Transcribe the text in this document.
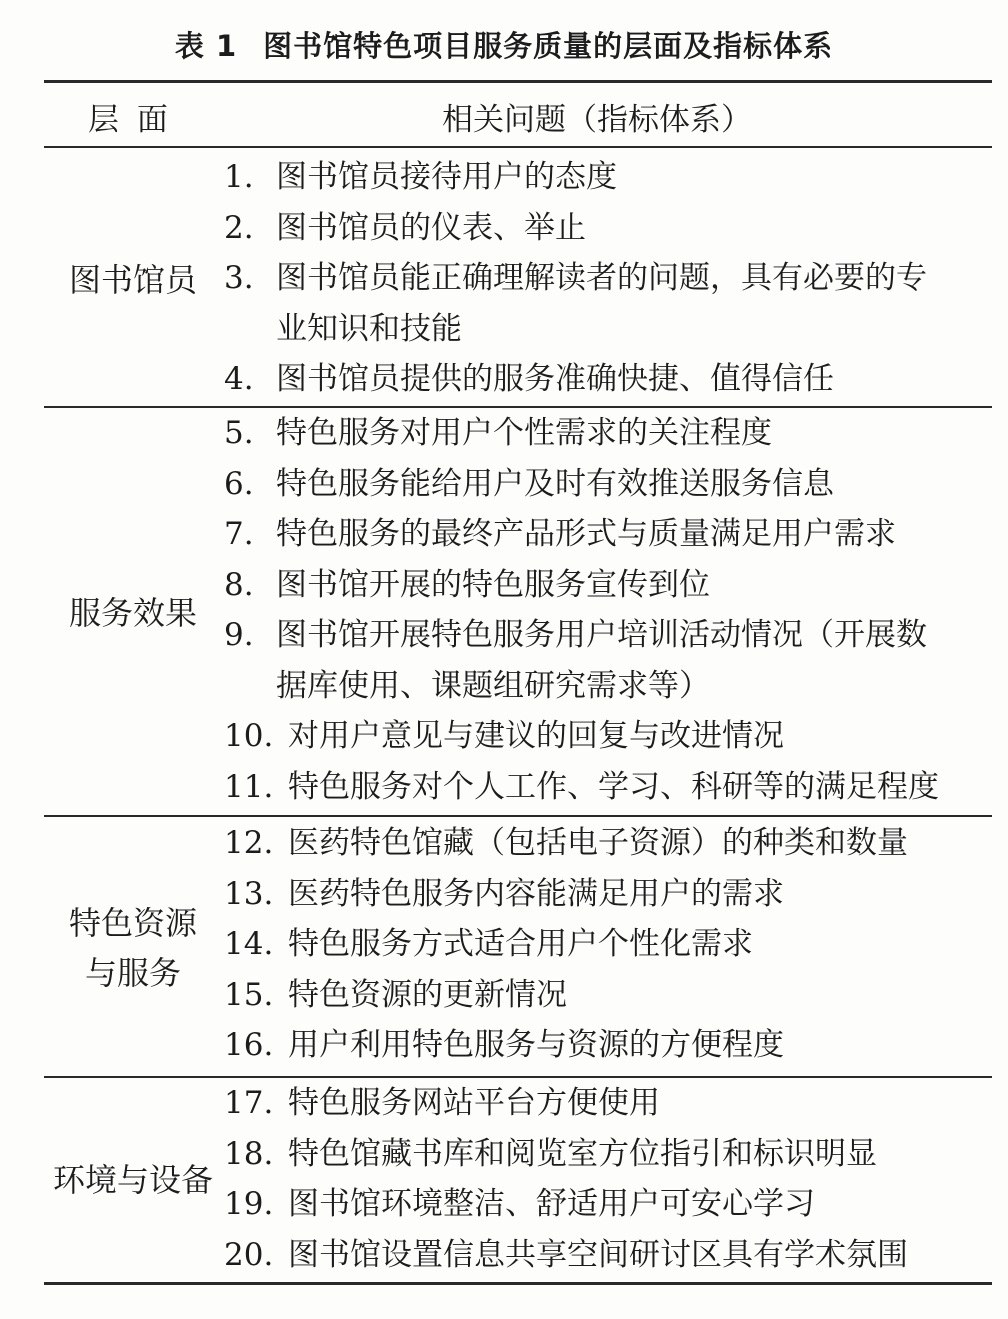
表 1 图书馆特色项目服务质量的层面及指标体系
层 面	相关问题（指标体系）
图书馆员
1. 图书馆员接待用户的态度
2. 图书馆员的仪表、举止
3. 图书馆员能正确理解读者的问题，具有必要的专
业知识和技能
4. 图书馆员提供的服务准确快捷、值得信任
服务效果
5. 特色服务对用户个性需求的关注程度
6. 特色服务能给用户及时有效推送服务信息
7. 特色服务的最终产品形式与质量满足用户需求
8. 图书馆开展的特色服务宣传到位
9. 图书馆开展特色服务用户培训活动情况（开展数
据库使用、课题组研究需求等）
10. 对用户意见与建议的回复与改进情况
11. 特色服务对个人工作、学习、科研等的满足程度
特色资源
与服务
12. 医药特色馆藏（包括电子资源）的种类和数量
13. 医药特色服务内容能满足用户的需求
14. 特色服务方式适合用户个性化需求
15. 特色资源的更新情况
16. 用户利用特色服务与资源的方便程度
环境与设备
17. 特色服务网站平台方便使用
18. 特色馆藏书库和阅览室方位指引和标识明显
19. 图书馆环境整洁、舒适用户可安心学习
20. 图书馆设置信息共享空间研讨区具有学术氛围
